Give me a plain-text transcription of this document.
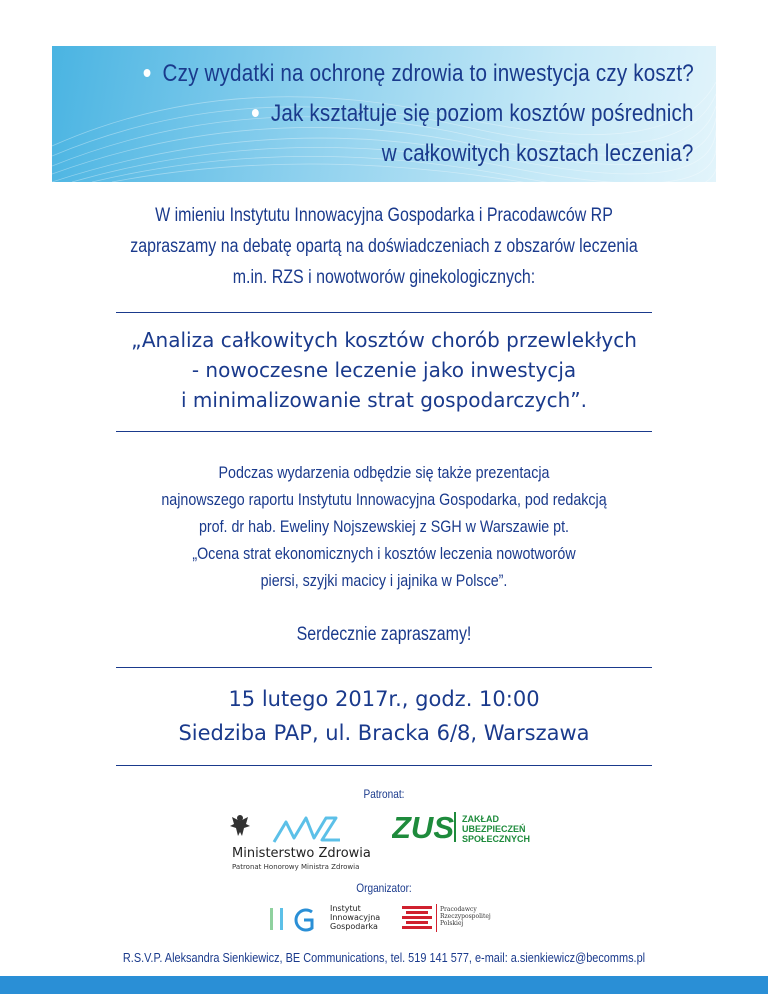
Czy wydatki na ochronę zdrowia to inwestycja czy koszt?
Jak kształtuje się poziom kosztów pośrednich
w całkowitych kosztach leczenia?
W imieniu Instytutu Innowacyjna Gospodarka i Pracodawców RP
zapraszamy na debatę opartą na doświadczeniach z obszarów leczenia
m.in. RZS i nowotworów ginekologicznych:
„Analiza całkowitych kosztów chorób przewlekłych
- nowoczesne leczenie jako inwestycja
i minimalizowanie strat gospodarczych”.
Podczas wydarzenia odbędzie się także prezentacja
najnowszego raportu Instytutu Innowacyjna Gospodarka, pod redakcją
prof. dr hab. Eweliny Nojszewskiej z SGH w Warszawie pt.
„Ocena strat ekonomicznych i kosztów leczenia nowotworów
piersi, szyjki macicy i jajnika w Polsce”.
Serdecznie zapraszamy!
15 lutego 2017r., godz. 10:00
Siedziba PAP, ul. Bracka 6/8, Warszawa
Patronat:
Ministerstwo Zdrowia
Patronat Honorowy Ministra Zdrowia
ZUS ZAKŁAD
UBEZPIECZEŃ
SPOŁECZNYCH
Organizator:
Instytut
Innowacyjna
Gospodarka
Pracodawcy
Rzeczypospolitej
Polskiej
R.S.V.P. Aleksandra Sienkiewicz, BE Communications, tel. 519 141 577, e-mail: a.sienkiewicz@becomms.pl
